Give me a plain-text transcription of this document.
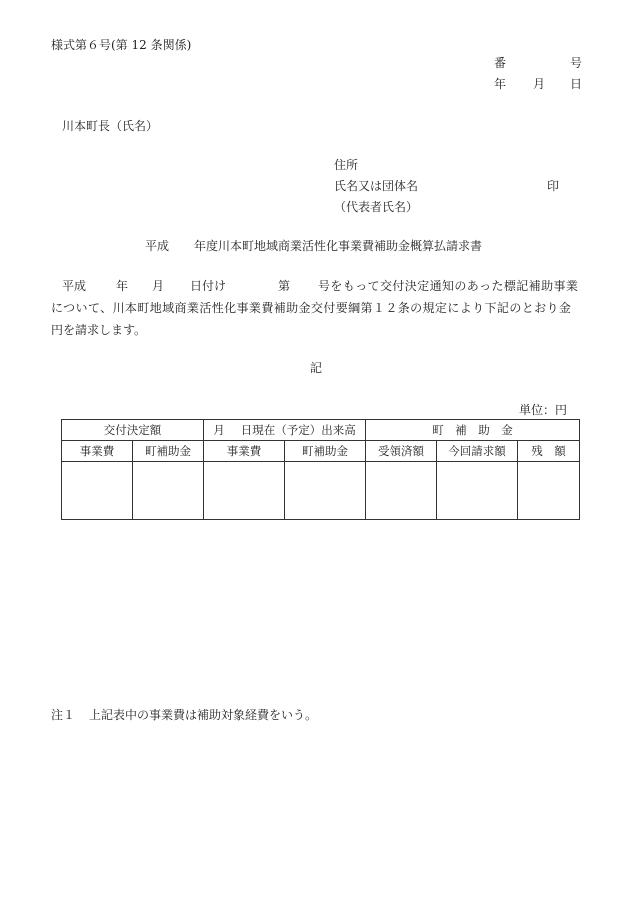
様式第６号(第 12 条関係)
番	号
年 月 日
川本町長（氏名）
住所
氏名又は団体名	印
（代表者氏名）
平成 年度川本町地域商業活性化事業費補助金概算払請求書
平成 年 月 日付け	第 号をもって交付決定通知のあった標記補助事業
について、川本町地域商業活性化事業費補助金交付要綱第１２条の規定により下記のとおり金
円を請求します。
記
単位：円
交付決定額		月 日現在（予定）出来高		町　補　助　金		
事業費	町補助金	事業費	町補助金	受領済額	今回請求額	残　額

注１ 上記表中の事業費は補助対象経費をいう。
